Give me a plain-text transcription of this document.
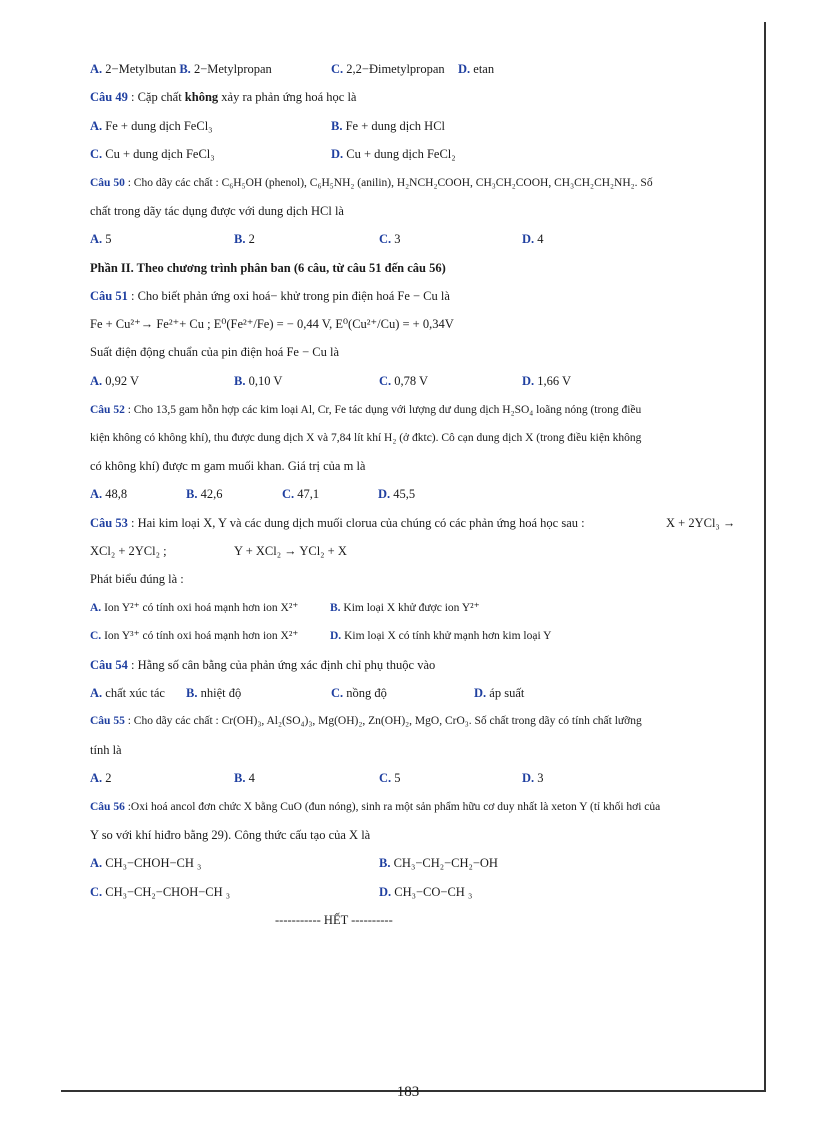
A. 2−Metylbutan B. 2−Metylpropan	C. 2,2−Đimetylpropan D. etan
Câu 49 : Cặp chất không xảy ra phản ứng hoá học là
A. Fe + dung dịch FeCl₃	B. Fe + dung dịch HCl
C. Cu + dung dịch FeCl₃	D. Cu + dung dịch FeCl₂
Câu 50 : Cho dãy các chất : C₆H₅OH (phenol), C₆H₅NH₂ (anilin), H₂NCH₂COOH, CH₃CH₂COOH, CH₃CH₂CH₂NH₂. Số
chất trong dãy tác dụng được với dung dịch HCl là
A. 5	B. 2	C. 3	D. 4
Phần II. Theo chương trình phân ban (6 câu, từ câu 51 đến câu 56)
Câu 51 : Cho biết phản ứng oxi hoá− khử trong pin điện hoá Fe − Cu là
Fe + Cu²⁺→ Fe²⁺+ Cu ; E⁰(Fe²⁺/Fe) = − 0,44 V, E⁰(Cu²⁺/Cu) = + 0,34V
Suất điện động chuẩn của pin điện hoá Fe − Cu là
A. 0,92 V	B. 0,10 V	C. 0,78 V	D. 1,66 V
Câu 52 : Cho 13,5 gam hỗn hợp các kim loại Al, Cr, Fe tác dụng với lượng dư dung dịch H₂SO₄ loãng nóng (trong điều
kiện không có không khí), thu được dung dịch X và 7,84 lít khí H₂ (ở đktc). Cô cạn dung dịch X (trong điều kiện không
có không khí) được m gam muối khan. Giá trị của m là
A. 48,8	B. 42,6	C. 47,1	D. 45,5
Câu 53 : Hai kim loại X, Y và các dung dịch muối clorua của chúng có các phản ứng hoá học sau :	X + 2YCl₃ →
XCl₂ + 2YCl₂ ;	Y + XCl₂ → YCl₂ + X
Phát biểu đúng là :
A. Ion Y²⁺ có tính oxi hoá mạnh hơn ion X²⁺	B. Kim loại X khử được ion Y²⁺
C. Ion Y³⁺ có tính oxi hoá mạnh hơn ion X²⁺	D. Kim loại X có tính khử mạnh hơn kim loại Y
Câu 54 : Hằng số cân bằng của phản ứng xác định chỉ phụ thuộc vào
A. chất xúc tác B. nhiệt độ	C. nồng độ	D. áp suất
Câu 55 : Cho dãy các chất : Cr(OH)₃, Al₂(SO₄)₃, Mg(OH)₂, Zn(OH)₂, MgO, CrO₃. Số chất trong dãy có tính chất lưỡng
tính là
A. 2	B. 4	C. 5	D. 3
Câu 56 :Oxi hoá ancol đơn chức X bằng CuO (đun nóng), sinh ra một sản phẩm hữu cơ duy nhất là xeton Y (tỉ khối hơi của
Y so với khí hiđro bằng 29). Công thức cấu tạo của X là
A. CH₃−CHOH−CH ₃	B. CH₃−CH₂−CH₂−OH
C. CH₃−CH₂−CHOH−CH ₃	D. CH₃−CO−CH ₃
----------- HẾT ----------
183
